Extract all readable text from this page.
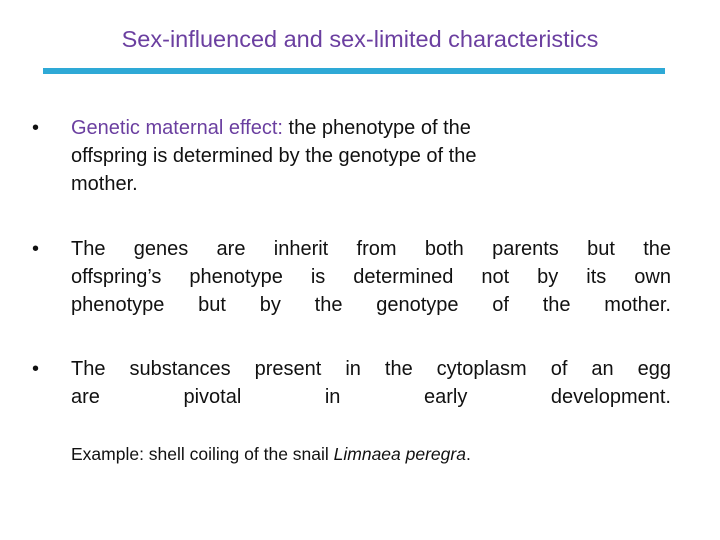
Sex-influenced and sex-limited characteristics
• Genetic maternal effect: the phenotype of the
offspring is determined by the genotype of the
mother.
• The genes are inherit from both parents but the
offspring’s phenotype is determined not by its own
phenotype but by the genotype of the mother.
• The substances present in the cytoplasm of an egg
are pivotal in early development.
Example: shell coiling of the snail Limnaea peregra.
